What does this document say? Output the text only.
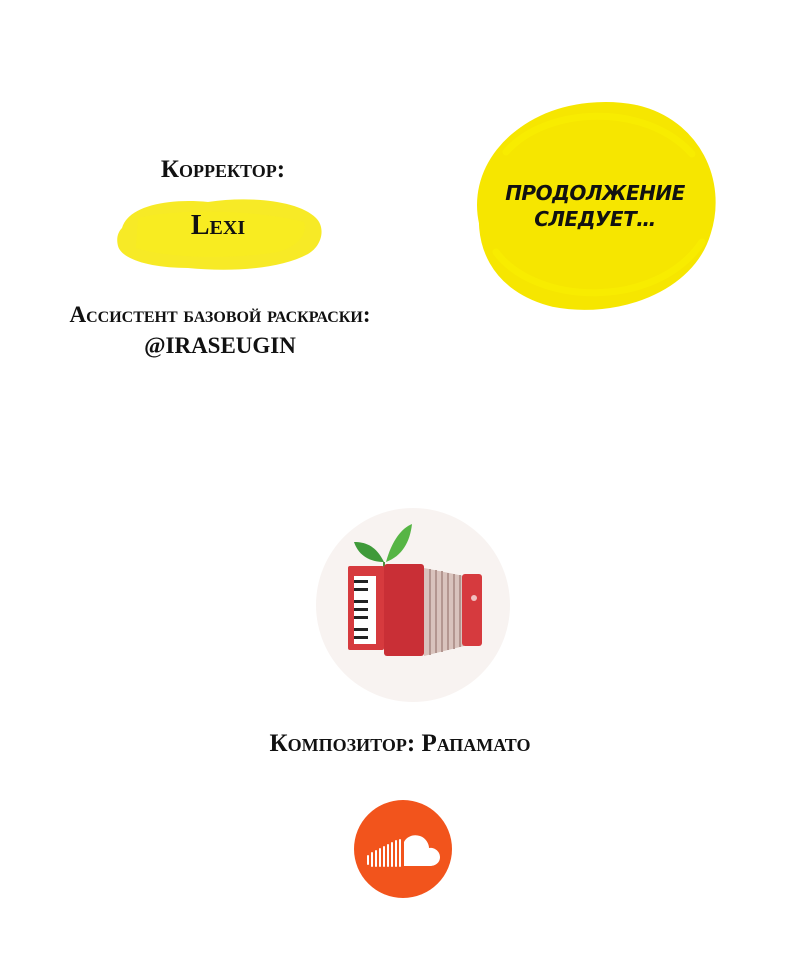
Корректор:
Lexi
Ассистент базовой раскраски:
@IRASEUGIN
ПРОДОЛЖЕНИЕ
СЛЕДУЕТ…
Композитор: Рапамато
